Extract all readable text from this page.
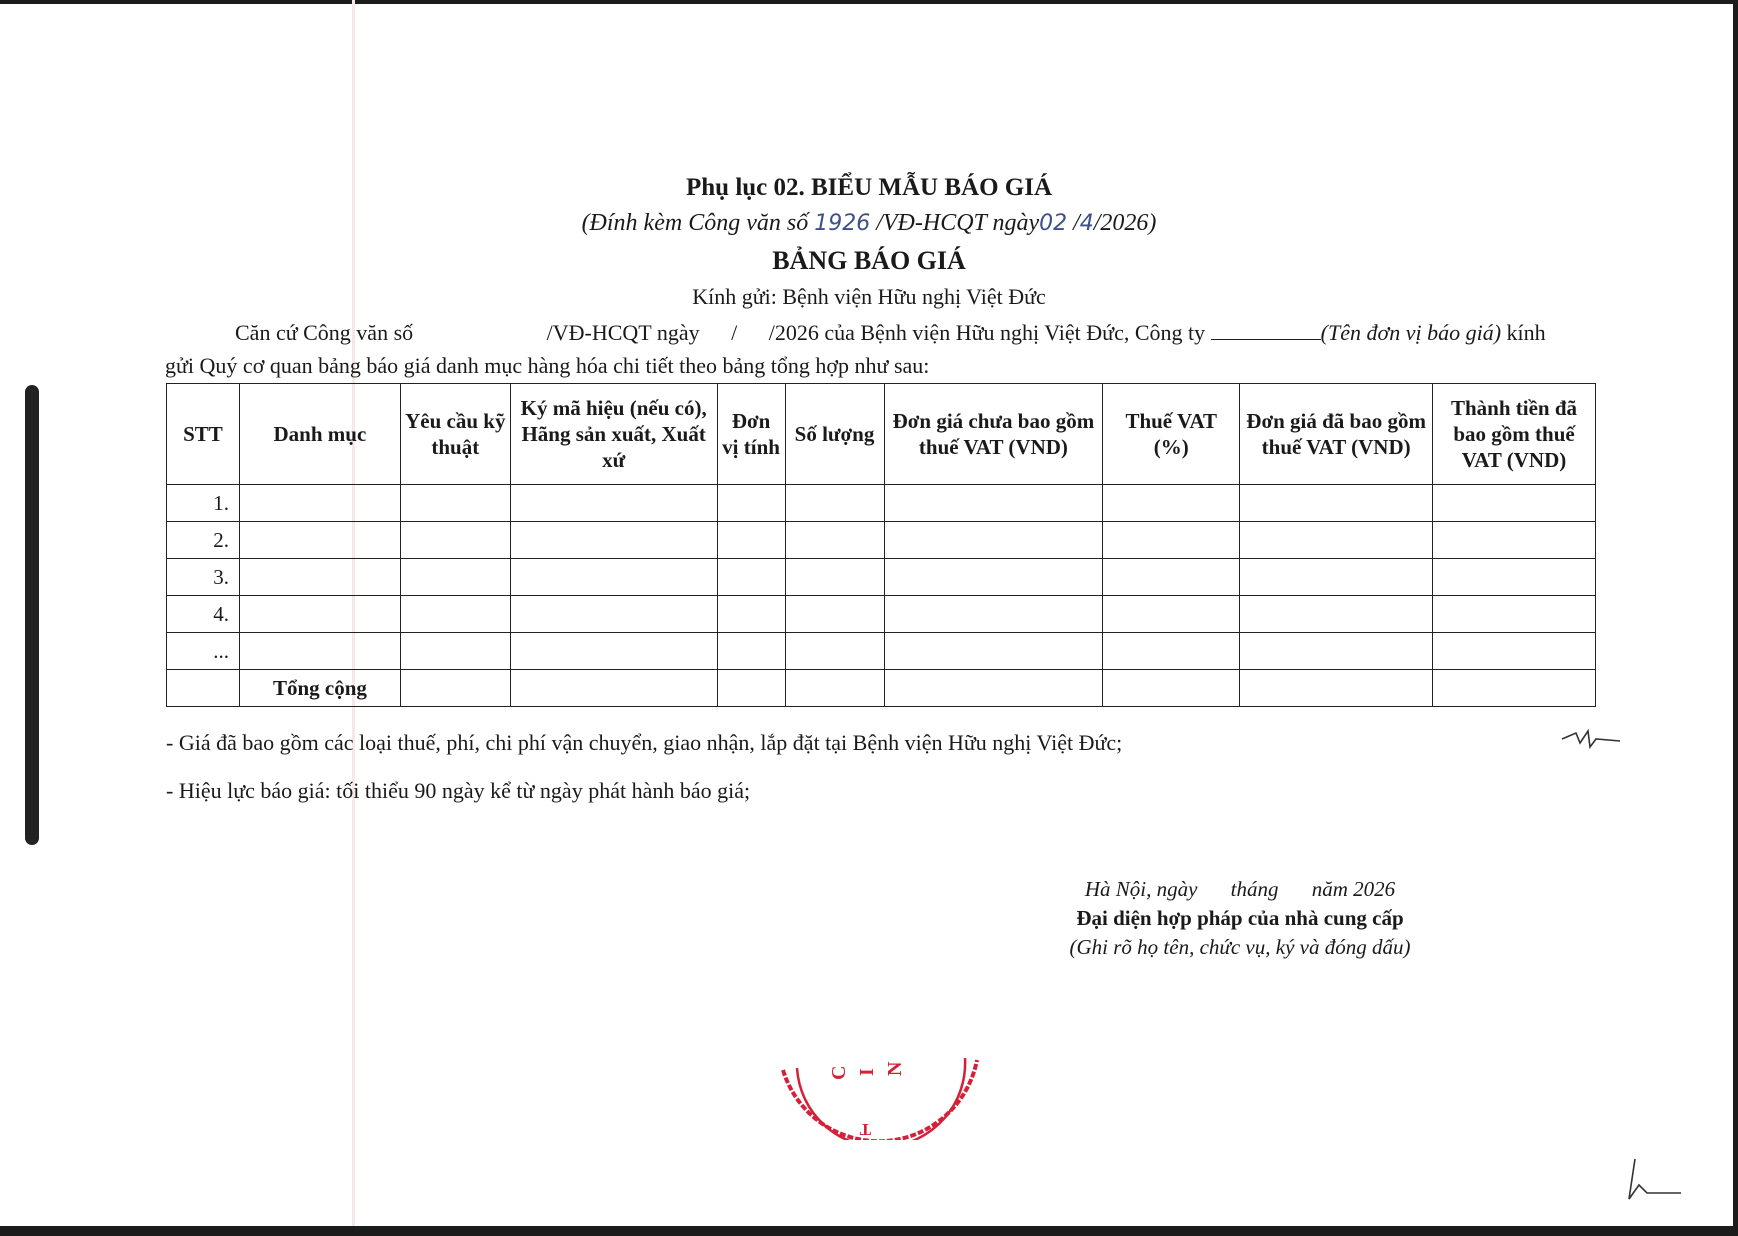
Phụ lục 02. BIỂU MẪU BÁO GIÁ
(Đính kèm Công văn số 1926 /VĐ-HCQT ngày02 /4/2026)
BẢNG BÁO GIÁ
Kính gửi: Bệnh viện Hữu nghị Việt Đức
Căn cứ Công văn số	/VĐ-HCQT ngày / /2026 của Bệnh viện Hữu nghị Việt Đức, Công ty	(Tên đơn vị báo giá) kính gửi Quý cơ quan bảng báo giá danh mục hàng hóa chi tiết theo bảng tổng hợp như sau:
STT	Danh mục	Yêu cầu kỹ thuật	Ký mã hiệu (nếu có), Hãng sản xuất, Xuất xứ	Đơn vị tính	Số lượng	Đơn giá chưa bao gồm thuế VAT (VND)	Thuế VAT (%)	Đơn giá đã bao gồm thuế VAT (VND)	Thành tiền đã bao gồm thuế VAT (VND)
1.									
2.									
3.									
4.									
...									
	Tổng cộng								
- Giá đã bao gồm các loại thuế, phí, chi phí vận chuyển, giao nhận, lắp đặt tại Bệnh viện Hữu nghị Việt Đức;
- Hiệu lực báo giá: tối thiểu 90 ngày kể từ ngày phát hành báo giá;
Hà Nội, ngày tháng năm 2026
Đại diện hợp pháp của nhà cung cấp
(Ghi rõ họ tên, chức vụ, ký và đóng dấu)
C I N
T
